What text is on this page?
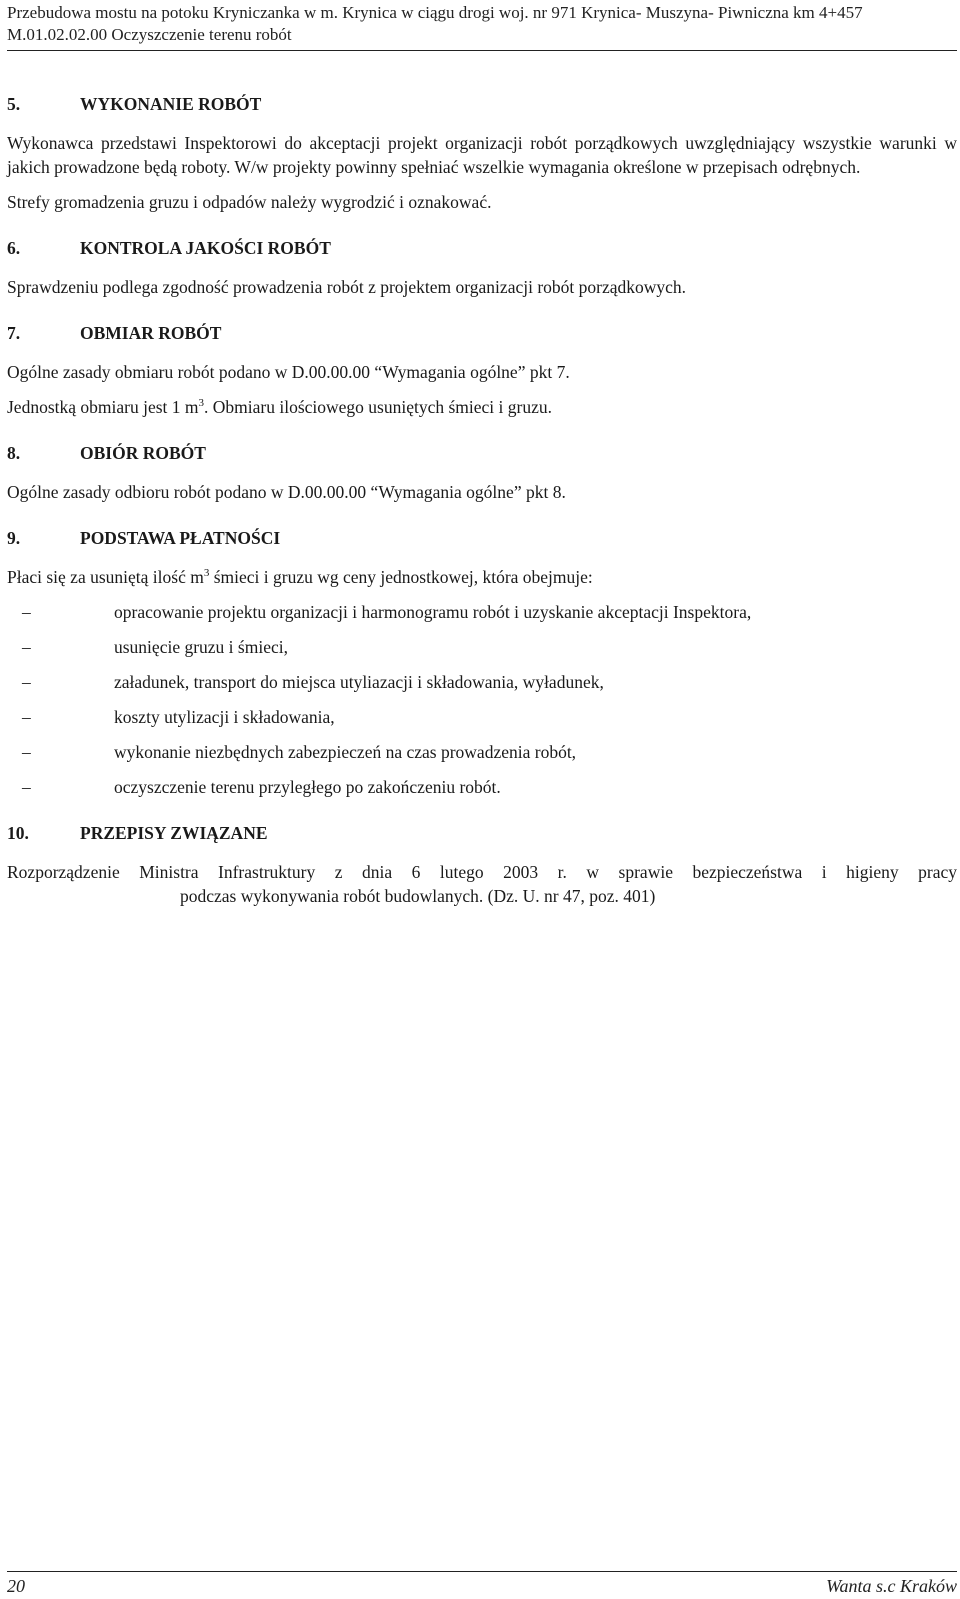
Przebudowa mostu na potoku Kryniczanka w m. Krynica w ciągu drogi woj. nr 971 Krynica- Muszyna- Piwniczna km 4+457
M.01.02.02.00 Oczyszczenie terenu robót
5.	WYKONANIE ROBÓT

Wykonawca przedstawi Inspektorowi do akceptacji projekt organizacji robót porządkowych uwzględniający wszystkie warunki w jakich prowadzone będą roboty. W/w projekty powinny spełniać wszelkie wymagania określone w przepisach odrębnych.

Strefy gromadzenia gruzu i odpadów należy wygrodzić i oznakować.

6.	KONTROLA JAKOŚCI ROBÓT

Sprawdzeniu podlega zgodność prowadzenia robót z projektem organizacji robót porządkowych.

7.	OBMIAR ROBÓT

Ogólne zasady obmiaru robót podano w D.00.00.00 “Wymagania ogólne” pkt 7.

Jednostką obmiaru jest 1 $m^3$. Obmiaru ilościowego usuniętych śmieci i gruzu.

8.	OBIÓR ROBÓT

Ogólne zasady odbioru robót podano w D.00.00.00 “Wymagania ogólne” pkt 8.

9.	PODSTAWA PŁATNOŚCI

Płaci się za usuniętą ilość $m^3$ śmieci i gruzu wg ceny jednostkowej, która obejmuje:

–	opracowanie projektu organizacji i harmonogramu robót i uzyskanie akceptacji Inspektora,
–	usunięcie gruzu i śmieci,
–	załadunek, transport do miejsca utyliazacji i składowania, wyładunek,
–	koszty utylizacji i składowania,
–	wykonanie niezbędnych zabezpieczeń na czas prowadzenia robót,
–	oczyszczenie terenu przyległego po zakończeniu robót.
10.	PRZEPISY ZWIĄZANE

Rozporządzenie Ministra Infrastruktury z dnia 6 lutego 2003 r. w sprawie bezpieczeństwa i higieny pracy
podczas wykonywania robót budowlanych. (Dz. U. nr 47, poz. 401)

20	Wanta s.c Kraków
